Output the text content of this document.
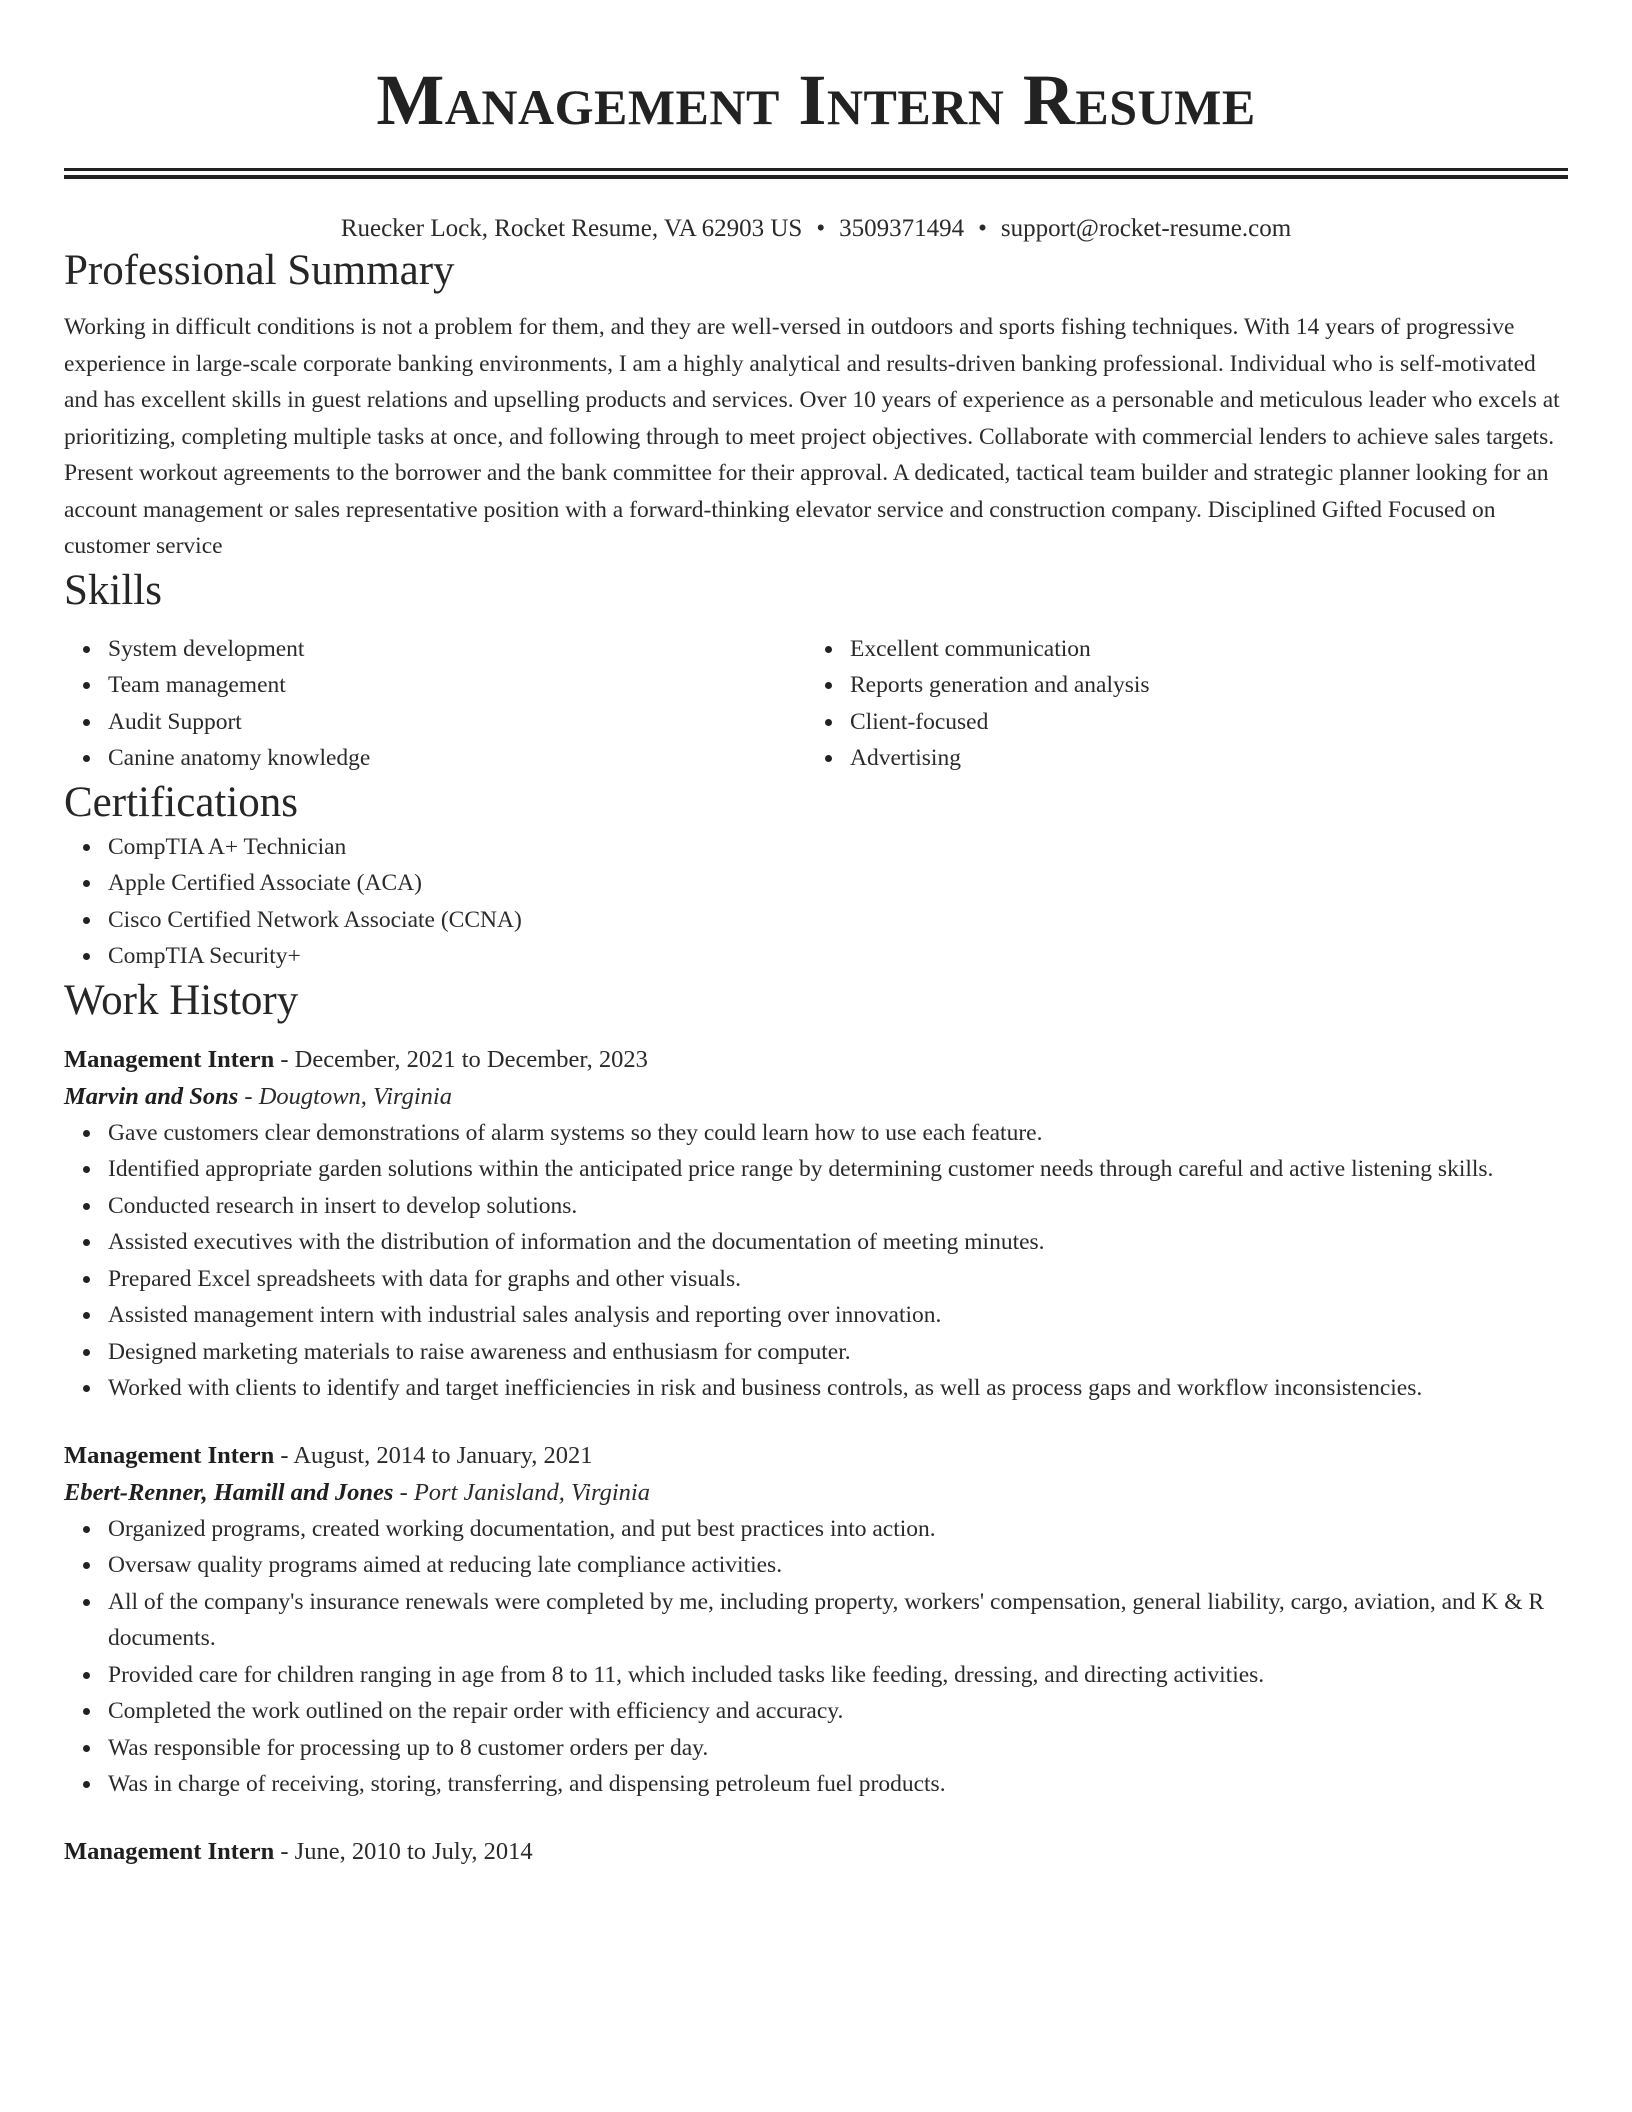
Management Intern Resume
Ruecker Lock, Rocket Resume, VA 62903 US • 3509371494 • support@rocket-resume.com
Professional Summary

Working in difficult conditions is not a problem for them, and they are well-versed in outdoors and sports fishing techniques. With 14 years of progressive experience in large-scale corporate banking environments, I am a highly analytical and results-driven banking professional. Individual who is self-motivated and has excellent skills in guest relations and upselling products and services. Over 10 years of experience as a personable and meticulous leader who excels at prioritizing, completing multiple tasks at once, and following through to meet project objectives. Collaborate with commercial lenders to achieve sales targets. Present workout agreements to the borrower and the bank committee for their approval. A dedicated, tactical team builder and strategic planner looking for an account management or sales representative position with a forward-thinking elevator service and construction company. Disciplined Gifted Focused on customer service

Skills
System development
Team management
Audit Support
Canine anatomy knowledge
Excellent communication
Reports generation and analysis
Client-focused
Advertising
Certifications
CompTIA A+ Technician
Apple Certified Associate (ACA)
Cisco Certified Network Associate (CCNA)
CompTIA Security+
Work History
Management Intern - December, 2021 to December, 2023
Marvin and Sons - Dougtown, Virginia
Gave customers clear demonstrations of alarm systems so they could learn how to use each feature.
Identified appropriate garden solutions within the anticipated price range by determining customer needs through careful and active listening skills.
Conducted research in insert to develop solutions.
Assisted executives with the distribution of information and the documentation of meeting minutes.
Prepared Excel spreadsheets with data for graphs and other visuals.
Assisted management intern with industrial sales analysis and reporting over innovation.
Designed marketing materials to raise awareness and enthusiasm for computer.
Worked with clients to identify and target inefficiencies in risk and business controls, as well as process gaps and workflow inconsistencies.
Management Intern - August, 2014 to January, 2021
Ebert-Renner, Hamill and Jones - Port Janisland, Virginia
Organized programs, created working documentation, and put best practices into action.
Oversaw quality programs aimed at reducing late compliance activities.
All of the company's insurance renewals were completed by me, including property, workers' compensation, general liability, cargo, aviation, and K & R documents.
Provided care for children ranging in age from 8 to 11, which included tasks like feeding, dressing, and directing activities.
Completed the work outlined on the repair order with efficiency and accuracy.
Was responsible for processing up to 8 customer orders per day.
Was in charge of receiving, storing, transferring, and dispensing petroleum fuel products.
Management Intern - June, 2010 to July, 2014
